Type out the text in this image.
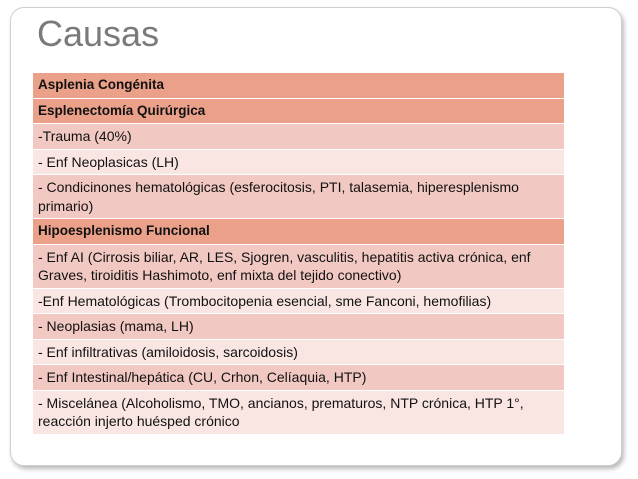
Causas
Asplenia Congénita
Esplenectomía Quirúrgica
-Trauma (40%)
- Enf Neoplasicas (LH)
- Condicinones hematológicas (esferocitosis, PTI, talasemia, hiperesplenismo primario)
Hipoesplenismo Funcional
- Enf AI (Cirrosis biliar, AR, LES, Sjogren, vasculitis, hepatitis activa crónica, enf Graves, tiroiditis Hashimoto, enf mixta del tejido conectivo)
-Enf Hematológicas (Trombocitopenia esencial, sme Fanconi, hemofilias)
- Neoplasias (mama, LH)
- Enf infiltrativas (amiloidosis, sarcoidosis)
- Enf Intestinal/hepática (CU, Crhon, Celíaquia, HTP)
- Miscelánea (Alcoholismo, TMO, ancianos, prematuros, NTP crónica, HTP 1°, reacción injerto huésped crónico
